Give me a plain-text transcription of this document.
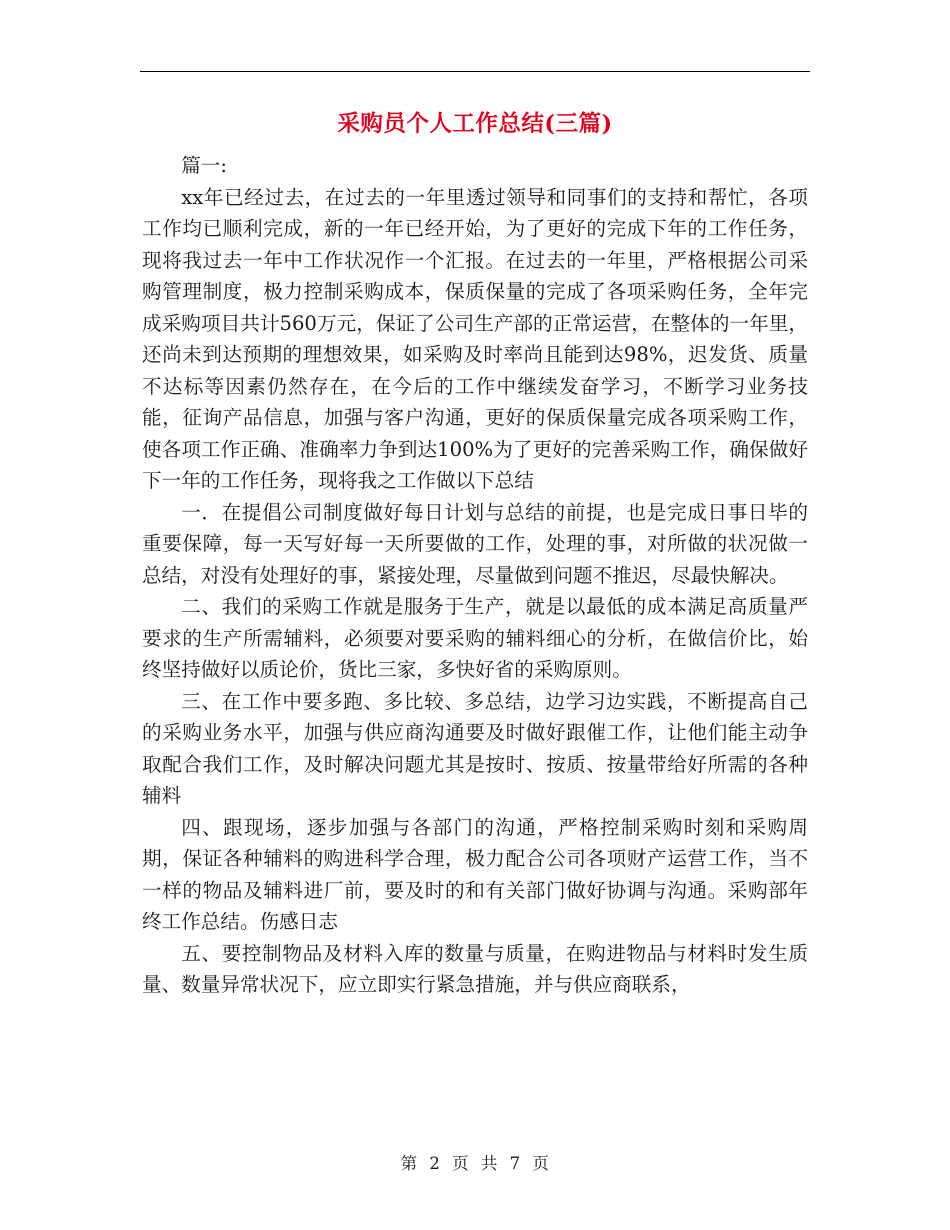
采购员个人工作总结(三篇)

篇一:

xx年已经过去，在过去的一年里透过领导和同事们的支持和帮忙，各项工作均已顺利完成，新的一年已经开始，为了更好的完成下年的工作任务，现将我过去一年中工作状况作一个汇报。在过去的一年里，严格根据公司采购管理制度，极力控制采购成本，保质保量的完成了各项采购任务，全年完成采购项目共计560万元，保证了公司生产部的正常运营，在整体的一年里，还尚未到达预期的理想效果，如采购及时率尚且能到达98%，迟发货、质量不达标等因素仍然存在，在今后的工作中继续发奋学习，不断学习业务技能，征询产品信息，加强与客户沟通，更好的保质保量完成各项采购工作，使各项工作正确、准确率力争到达100%为了更好的完善采购工作，确保做好下一年的工作任务，现将我之工作做以下总结

一．在提倡公司制度做好每日计划与总结的前提，也是完成日事日毕的重要保障，每一天写好每一天所要做的工作，处理的事，对所做的状况做一总结，对没有处理好的事，紧接处理，尽量做到问题不推迟，尽最快解决。

二、我们的采购工作就是服务于生产，就是以最低的成本满足高质量严要求的生产所需辅料，必须要对要采购的辅料细心的分析，在做信价比，始终坚持做好以质论价，货比三家，多快好省的采购原则。

三、在工作中要多跑、多比较、多总结，边学习边实践，不断提高自己的采购业务水平，加强与供应商沟通要及时做好跟催工作，让他们能主动争取配合我们工作，及时解决问题尤其是按时、按质、按量带给好所需的各种辅料

四、跟现场，逐步加强与各部门的沟通，严格控制采购时刻和采购周期，保证各种辅料的购进科学合理，极力配合公司各项财产运营工作，当不一样的物品及辅料进厂前，要及时的和有关部门做好协调与沟通。采购部年终工作总结。伤感日志

五、要控制物品及材料入库的数量与质量，在购进物品与材料时发生质量、数量异常状况下，应立即实行紧急措施，并与供应商联系，

第 2 页 共 7 页
